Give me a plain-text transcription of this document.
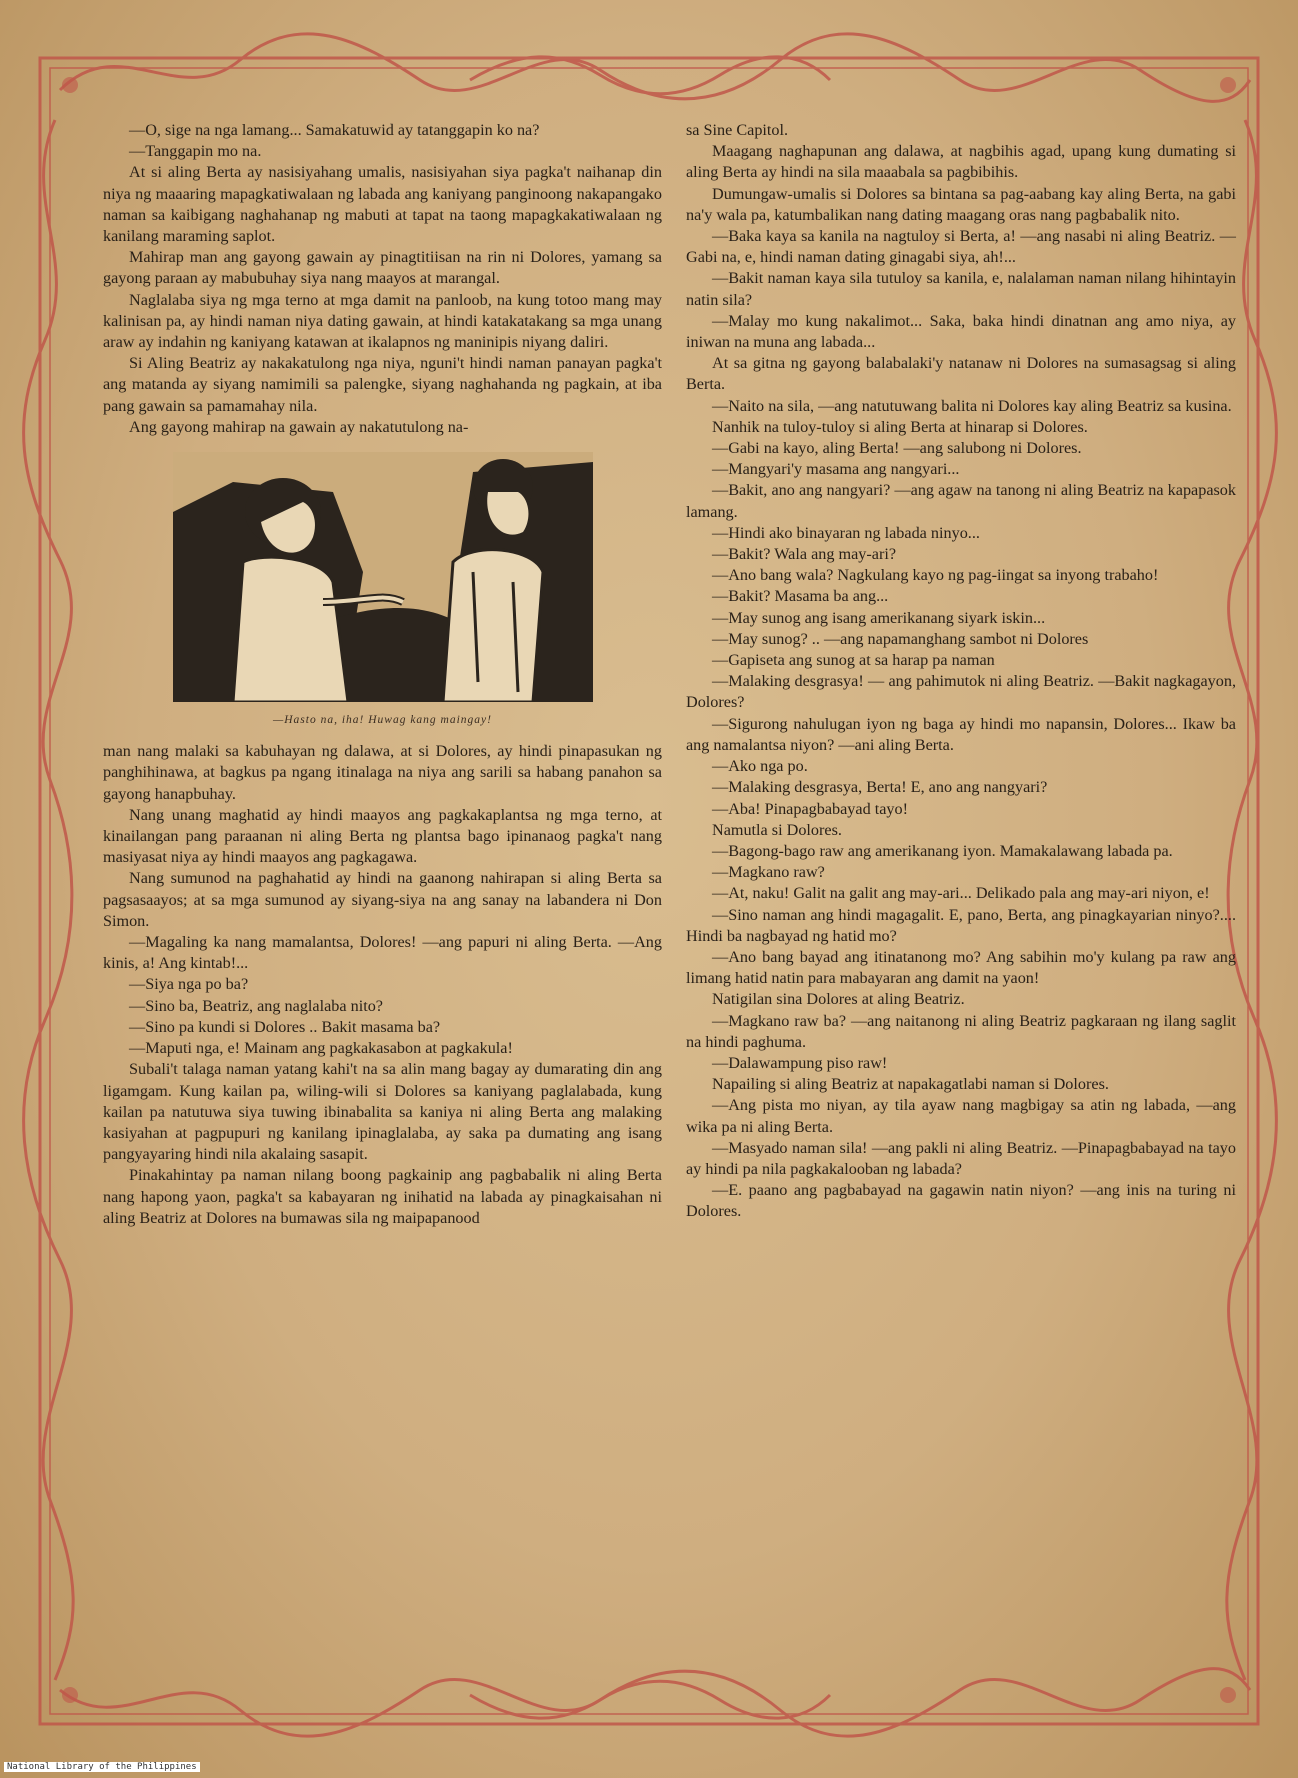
—O, sige na nga lamang... Samakatuwid ay tatanggapin ko na?

—Tanggapin mo na.

At si aling Berta ay nasisiyahang umalis, nasisiyahan siya pagka't naihanap din niya ng maaaring mapagkatiwalaan ng labada ang kaniyang panginoong nakapangako naman sa kaibigang naghahanap ng mabuti at tapat na taong mapagkakatiwalaan ng kanilang maraming saplot.

Mahirap man ang gayong gawain ay pinagtitiisan na rin ni Dolores, yamang sa gayong paraan ay mabubuhay siya nang maayos at marangal.

Naglalaba siya ng mga terno at mga damit na panloob, na kung totoo mang may kalinisan pa, ay hindi naman niya dating gawain, at hindi katakatakang sa mga unang araw ay indahin ng kaniyang katawan at ikalapnos ng maninipis niyang daliri.

Si Aling Beatriz ay nakakatulong nga niya, nguni't hindi naman panayan pagka't ang matanda ay siyang namimili sa palengke, siyang naghahanda ng pagkain, at iba pang gawain sa pamamahay nila.

Ang gayong mahirap na gawain ay nakatutulong na-

—Hasto na, iha! Huwag kang maingay!

man nang malaki sa kabuhayan ng dalawa, at si Dolores, ay hindi pinapasukan ng panghihinawa, at bagkus pa ngang itinalaga na niya ang sarili sa habang panahon sa gayong hanapbuhay.

Nang unang maghatid ay hindi maayos ang pagkakaplantsa ng mga terno, at kinailangan pang paraanan ni aling Berta ng plantsa bago ipinanaog pagka't nang masiyasat niya ay hindi maayos ang pagkagawa.

Nang sumunod na paghahatid ay hindi na gaanong nahirapan si aling Berta sa pagsasaayos; at sa mga sumunod ay siyang-siya na ang sanay na labandera ni Don Simon.

—Magaling ka nang mamalantsa, Dolores! —ang papuri ni aling Berta. —Ang kinis, a! Ang kintab!...

—Siya nga po ba?

—Sino ba, Beatriz, ang naglalaba nito?

—Sino pa kundi si Dolores .. Bakit masama ba?

—Maputi nga, e! Mainam ang pagkakasabon at pagkakula!

Subali't talaga naman yatang kahi't na sa alin mang bagay ay dumarating din ang ligamgam. Kung kailan pa, wiling-wili si Dolores sa kaniyang paglalabada, kung kailan pa natutuwa siya tuwing ibinabalita sa kaniya ni aling Berta ang malaking kasiyahan at pagpupuri ng kanilang ipinaglalaba, ay saka pa dumating ang isang pangyayaring hindi nila akalaing sasapit.

Pinakahintay pa naman nilang boong pagkainip ang pagbabalik ni aling Berta nang hapong yaon, pagka't sa kabayaran ng inihatid na labada ay pinagkaisahan ni aling Beatriz at Dolores na bumawas sila ng maipapanood

sa Sine Capitol.

Maagang naghapunan ang dalawa, at nagbihis agad, upang kung dumating si aling Berta ay hindi na sila maaabala sa pagbibihis.

Dumungaw-umalis si Dolores sa bintana sa pag-aabang kay aling Berta, na gabi na'y wala pa, katumbalikan nang dating maagang oras nang pagbabalik nito.

—Baka kaya sa kanila na nagtuloy si Berta, a! —ang nasabi ni aling Beatriz. —Gabi na, e, hindi naman dating ginagabi siya, ah!...

—Bakit naman kaya sila tutuloy sa kanila, e, nalalaman naman nilang hihintayin natin sila?

—Malay mo kung nakalimot... Saka, baka hindi dinatnan ang amo niya, ay iniwan na muna ang labada...

At sa gitna ng gayong balabalaki'y natanaw ni Dolores na sumasagsag si aling Berta.

—Naito na sila, —ang natutuwang balita ni Dolores kay aling Beatriz sa kusina.

Nanhik na tuloy-tuloy si aling Berta at hinarap si Dolores.

—Gabi na kayo, aling Berta! —ang salubong ni Dolores.

—Mangyari'y masama ang nangyari...

—Bakit, ano ang nangyari? —ang agaw na tanong ni aling Beatriz na kapapasok lamang.

—Hindi ako binayaran ng labada ninyo...

—Bakit? Wala ang may-ari?

—Ano bang wala? Nagkulang kayo ng pag-iingat sa inyong trabaho!

—Bakit? Masama ba ang...

—May sunog ang isang amerikanang siyark iskin...

—May sunog? .. —ang napamanghang sambot ni Dolores

—Gapiseta ang sunog at sa harap pa naman

—Malaking desgrasya! — ang pahimutok ni aling Beatriz. —Bakit nagkagayon, Dolores?

—Sigurong nahulugan iyon ng baga ay hindi mo napansin, Dolores... Ikaw ba ang namalantsa niyon? —ani aling Berta.

—Ako nga po.

—Malaking desgrasya, Berta! E, ano ang nangyari?

—Aba! Pinapagbabayad tayo!

Namutla si Dolores.

—Bagong-bago raw ang amerikanang iyon. Mamakalawang labada pa.

—Magkano raw?

—At, naku! Galit na galit ang may-ari... Delikado pala ang may-ari niyon, e!

—Sino naman ang hindi magagalit. E, pano, Berta, ang pinagkayarian ninyo?.... Hindi ba nagbayad ng hatid mo?

—Ano bang bayad ang itinatanong mo? Ang sabihin mo'y kulang pa raw ang limang hatid natin para mabayaran ang damit na yaon!

Natigilan sina Dolores at aling Beatriz.

—Magkano raw ba? —ang naitanong ni aling Beatriz pagkaraan ng ilang saglit na hindi paghuma.

—Dalawampung piso raw!

Napailing si aling Beatriz at napakagatlabi naman si Dolores.

—Ang pista mo niyan, ay tila ayaw nang magbigay sa atin ng labada, —ang wika pa ni aling Berta.

—Masyado naman sila! —ang pakli ni aling Beatriz. —Pinapagbabayad na tayo ay hindi pa nila pagkakalooban ng labada?

—E. paano ang pagbabayad na gagawin natin niyon? —ang inis na turing ni Dolores.

National Library of the Philippines
